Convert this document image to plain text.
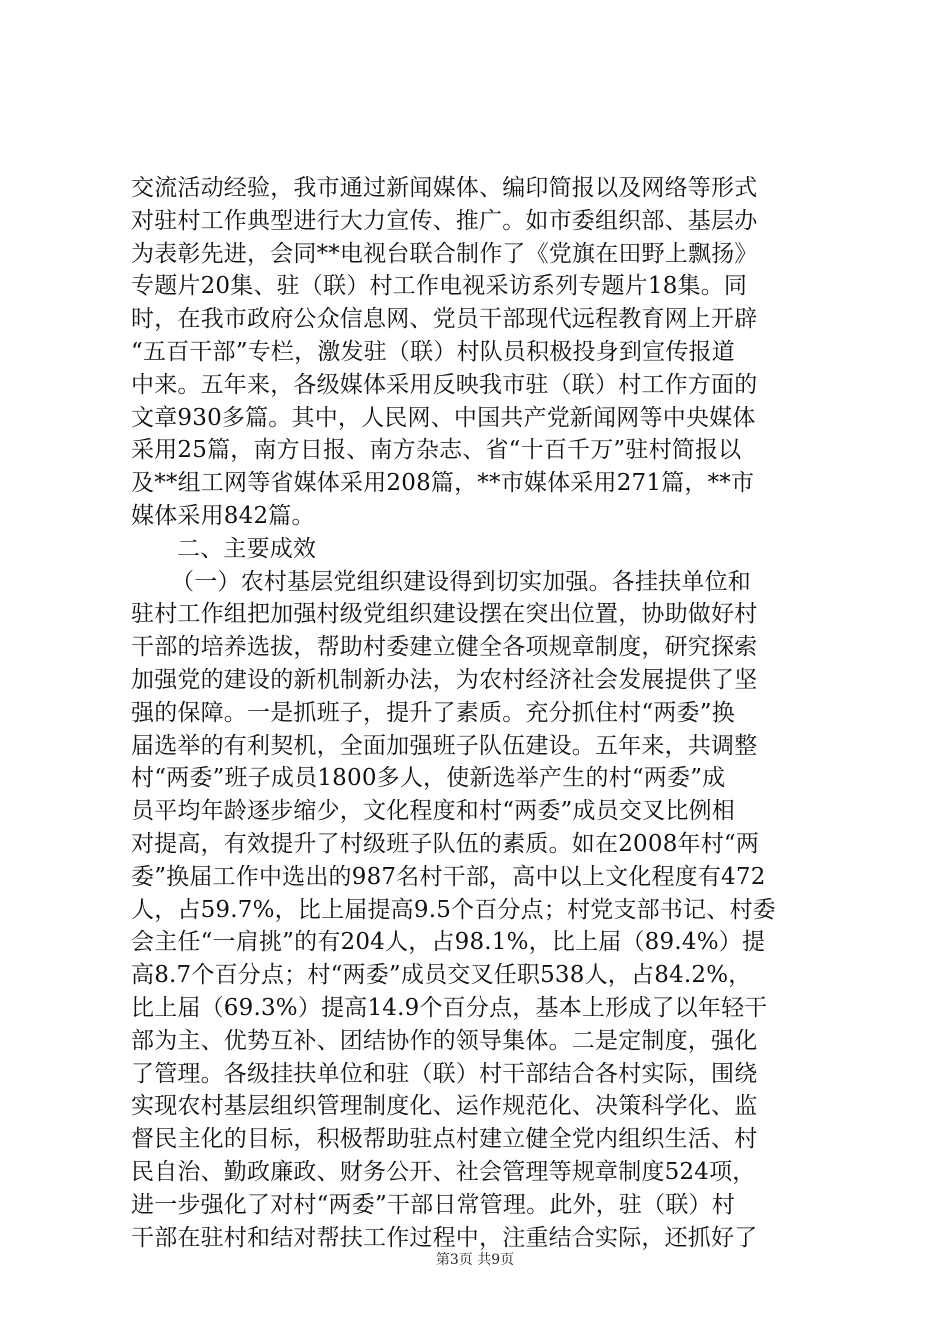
交流活动经验，我市通过新闻媒体、编印简报以及网络等形式
对驻村工作典型进行大力宣传、推广。如市委组织部、基层办
为表彰先进，会同**电视台联合制作了《党旗在田野上飘扬》
专题片20集、驻（联）村工作电视采访系列专题片18集。同
时，在我市政府公众信息网、党员干部现代远程教育网上开辟
“五百干部”专栏，激发驻（联）村队员积极投身到宣传报道
中来。五年来，各级媒体采用反映我市驻（联）村工作方面的
文章930多篇。其中，人民网、中国共产党新闻网等中央媒体
采用25篇，南方日报、南方杂志、省“十百千万”驻村简报以
及**组工网等省媒体采用208篇，**市媒体采用271篇，**市
媒体采用842篇。
二、主要成效
（一）农村基层党组织建设得到切实加强。各挂扶单位和
驻村工作组把加强村级党组织建设摆在突出位置，协助做好村
干部的培养选拔，帮助村委建立健全各项规章制度，研究探索
加强党的建设的新机制新办法，为农村经济社会发展提供了坚
强的保障。一是抓班子，提升了素质。充分抓住村“两委”换
届选举的有利契机，全面加强班子队伍建设。五年来，共调整
村“两委”班子成员1800多人，使新选举产生的村“两委”成
员平均年龄逐步缩少，文化程度和村“两委”成员交叉比例相
对提高，有效提升了村级班子队伍的素质。如在2008年村“两
委”换届工作中选出的987名村干部，高中以上文化程度有472
人，占59.7%，比上届提高9.5个百分点；村党支部书记、村委
会主任“一肩挑”的有204人，占98.1%，比上届（89.4%）提
高8.7个百分点；村“两委”成员交叉任职538人，占84.2%，
比上届（69.3%）提高14.9个百分点，基本上形成了以年轻干
部为主、优势互补、团结协作的领导集体。二是定制度，强化
了管理。各级挂扶单位和驻（联）村干部结合各村实际，围绕
实现农村基层组织管理制度化、运作规范化、决策科学化、监
督民主化的目标，积极帮助驻点村建立健全党内组织生活、村
民自治、勤政廉政、财务公开、社会管理等规章制度524项，
进一步强化了对村“两委”干部日常管理。此外，驻（联）村
干部在驻村和结对帮扶工作过程中，注重结合实际，还抓好了
第3页 共9页
